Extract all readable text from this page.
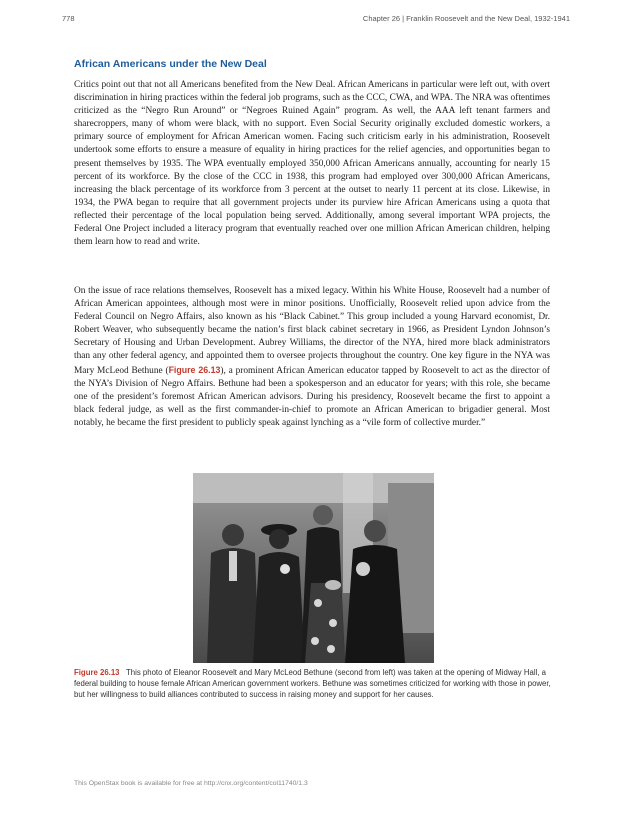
778	Chapter 26 | Franklin Roosevelt and the New Deal, 1932-1941
African Americans under the New Deal

Critics point out that not all Americans benefited from the New Deal. African Americans in particular were left out, with overt discrimination in hiring practices within the federal job programs, such as the CCC, CWA, and WPA. The NRA was oftentimes criticized as the “Negro Run Around” or “Negroes Ruined Again” program. As well, the AAA left tenant farmers and sharecroppers, many of whom were black, with no support. Even Social Security originally excluded domestic workers, a primary source of employment for African American women. Facing such criticism early in his administration, Roosevelt undertook some efforts to ensure a measure of equality in hiring practices for the relief agencies, and opportunities began to present themselves by 1935. The WPA eventually employed 350,000 African Americans annually, accounting for nearly 15 percent of its workforce. By the close of the CCC in 1938, this program had employed over 300,000 African Americans, increasing the black percentage of its workforce from 3 percent at the outset to nearly 11 percent at its close. Likewise, in 1934, the PWA began to require that all government projects under its purview hire African Americans using a quota that reflected their percentage of the local population being served. Additionally, among several important WPA projects, the Federal One Project included a literacy program that eventually reached over one million African American children, helping them learn how to read and write.

On the issue of race relations themselves, Roosevelt has a mixed legacy. Within his White House, Roosevelt had a number of African American appointees, although most were in minor positions. Unofficially, Roosevelt relied upon advice from the Federal Council on Negro Affairs, also known as his “Black Cabinet.” This group included a young Harvard economist, Dr. Robert Weaver, who subsequently became the nation’s first black cabinet secretary in 1966, as President Lyndon Johnson’s Secretary of Housing and Urban Development. Aubrey Williams, the director of the NYA, hired more black administrators than any other federal agency, and appointed them to oversee projects throughout the country. One key figure in the NYA was Mary McLeod Bethune (Figure 26.13), a prominent African American educator tapped by Roosevelt to act as the director of the NYA’s Division of Negro Affairs. Bethune had been a spokesperson and an educator for years; with this role, she became one of the president’s foremost African American advisors. During his presidency, Roosevelt became the first to appoint a black federal judge, as well as the first commander-in-chief to promote an African American to brigadier general. Most notably, he became the first president to publicly speak against lynching as a “vile form of collective murder.”

Figure 26.13 This photo of Eleanor Roosevelt and Mary McLeod Bethune (second from left) was taken at the opening of Midway Hall, a federal building to house female African American government workers. Bethune was sometimes criticized for working with those in power, but her willingness to build alliances contributed to success in raising money and support for her causes.

This OpenStax book is available for free at http://cnx.org/content/col11740/1.3
